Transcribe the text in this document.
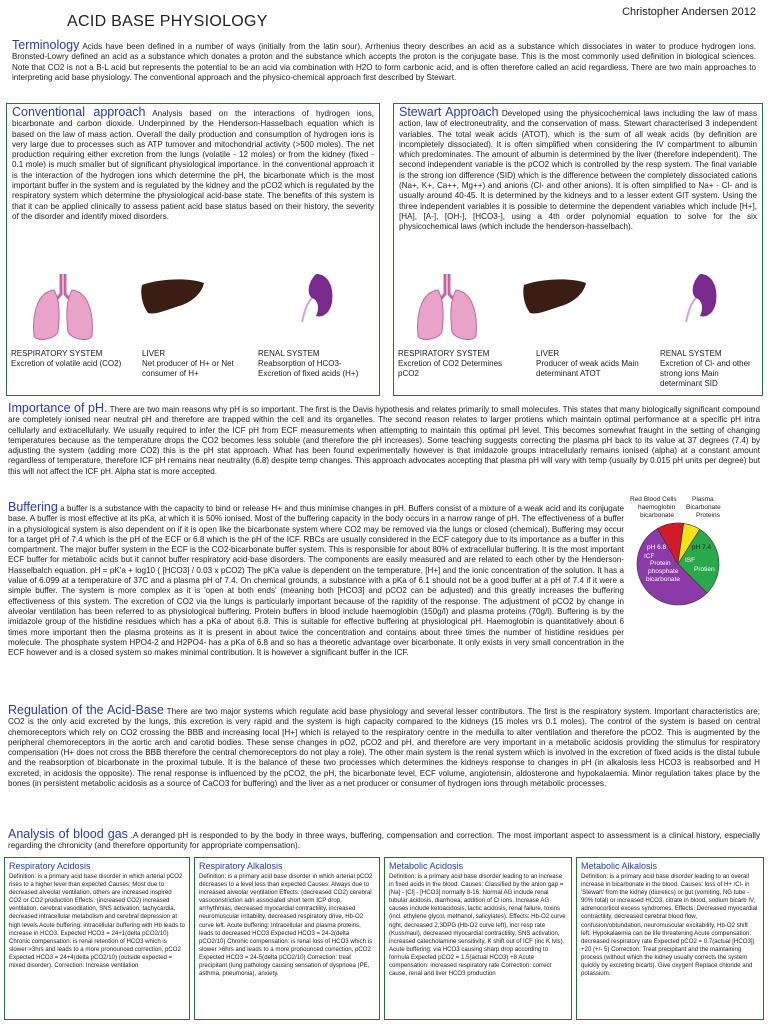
ACID BASE PHYSIOLOGY
Christopher Andersen 2012
Terminology Acids have been defined in a number of ways (initially from the latin sour). Arrhenius theory describes an acid as a substance which dissociates in water to produce hydrogen ions. Bronsted-Lowry defined an acid as a substance which donates a proton and the substance which accepts the proton is the conjugate base. This is the most commonly used definition in biological sciences. Note that CO2 is not a B-L acid but represents the potential to be an acid via combination with H2O to form carbonic acid, and is often therefore called an acid regardless. There are two main approaches to interpreting acid base physiology. The conventional approach and the physico-chemical approach first described by Stewart.
Conventional approach Analysis based on the interactions of hydrogen ions, bicarbonate and carbon dioxide. Underpinned by the Henderson-Hasselbach equation which is based on the law of mass action. Overall the daily production and consumption of hydrogen ions is very large due to processes such as ATP turnover and mitochondrial activity (>500 moles). The net production requiring either excretion from the lungs (volatile - 12 moles) or from the kidney (fixed - 0.1 mole) is much smaller but of significant physiological importance. In the conventional approach it is the interaction of the hydrogen ions which determine the pH, the bicarbonate which is the most important buffer in the system and is regulated by the kidney and the pCO2 which is regulated by the respiratory system which determine the physiological acid-base state. The benefits of this system is that it can be applied clinically to assess patient acid base status based on their history, the severity of the disorder and identify mixed disorders.
RESPIRATORY SYSTEM
Excretion of volatile acid (CO2)
LIVER
Net producer of H+ or Net consumer of H+
RENAL SYSTEM
Reabsorption of HCO3- Excretion of fixed acids (H+)
Stewart Approach Developed using the physicochemical laws including the law of mass action, law of electroneutrality, and the conservation of mass. Stewart characterised 3 independent variables. The total weak acids (ATOT), which is the sum of all weak acids (by definition are incompletely dissociated). It is often simplified when considering the IV compartment to albumin which predominates. The amount of albumin is determined by the liver (therefore independent). The second independent variable is the pCO2 which is controlled by the resp system. The final variable is the strong ion difference (SID) which is the difference between the completely dissociated cations (Na+, K+, Ca++, Mg++) and anions (Cl- and other anions). It is often simplified to Na+ - Cl- and is usually around 40-45. It is determined by the kidneys and to a lesser extent GIT system. Using the three independent variables it is possible to determine the dependent variables which include [H+], [HA], [A-], [OH-], [HCO3-], using a 4th order polynomial equation to solve for the six physicochemical laws (which include the henderson-hasselbach).
RESPIRATORY SYSTEM
Excretion of CO2 Determines pCO2
LIVER
Producer of weak acids Main determinant ATOT
RENAL SYSTEM
Excretion of Cl- and other strong ions Main determinant SID
Importance of pH. There are two main reasons why pH is so important. The first is the Davis hypothesis and relates primarily to small molecules. This states that many biologically significant compound are completely ionised near neutral pH and therefore are trapped within the cell and its organelles. The second reason relates to larger protiens which maintain optimal performance at a specific pH intra cellularly and extracellularly. We usually required to infer the ICF pH from ECF measurements when attempting to maintain this optimal pH level. This becomes somewhat fraught in the setting of changing temperatures because as the temperature drops the CO2 becomes less soluble (and therefore the pH increases). Some teaching suggests correcting the plasma pH back to its value at 37 degrees (7.4) by adjusting the system (adding more CO2) this is the pH stat approach. What has been found experimentally however is that imidazole groups intracellularly remains ionised (alpha) at a constant amount regardless of temperature, therefore ICF pH remains near neutrality (6.8) despite temp changes. This approach advocates accepting that plasma pH will vary with temp (usually by 0.015 pH units per degree) but this will not affect the ICF pH. Alpha stat is more accepted.
Buffering a buffer is a substance with the capacity to bind or release H+ and thus minimise changes in pH. Buffers consist of a mixture of a weak acid and its conjugate base. A buffer is most effective at its pKa, at which it is 50% ionised. Most of the buffering capacity in the body occurs in a narrow range of pH. The effectiveness of a buffer in a physiological system is also dependent on if it is open like the bicarbonate system where CO2 may be removed via the lungs or closed (chemical). Buffering may occur for a target pH of 7.4 which is the pH of the ECF or 6.8 which is the pH of the ICF. RBCs are usually considered in the ECF category due to its importance as a buffer in this compartment. The major buffer system in the ECF is the CO2-bicarbonate buffer system. This is responsible for about 80% of extracellular buffering. It is the most important ECF buffer for metabolic acids but it cannot buffer respiratory acid-base disorders. The components are easily measured and are related to each other by the Henderson-Hasselbalch equation. pH = pK'a + log10 ( [HCO3] / 0.03 x pCO2) The pK'a value is dependent on the temperature, [H+] and the ionic concentration of the solution. It has a value of 6.099 at a temperature of 37C and a plasma pH of 7.4. On chemical grounds, a substance with a pKa of 6.1 should not be a good buffer at a pH of 7.4 if it were a simple buffer. The system is more complex as it is 'open at both ends' (meaning both [HCO3] and pCO2 can be adjusted) and this greatly increases the buffering effectiveness of this system. The excretion of CO2 via the lungs is particularly important because of the rapidity of the response. The adjustment of pCO2 by change in alveolar ventilation has been referred to as physiological buffering. Protein buffers in blood include haemoglobin (150g/l) and plasma proteins (70g/l). Buffering is by the imidazole group of the histidine residues which has a pKa of about 6.8. This is suitable for effective buffering at physiological pH. Haemoglobin is quantitatively about 6 times more important then the plasma proteins as it is present in about twice the concentration and contains about three times the number of histidine residues per molecule. The phosphate system HPO4-2 and H2PO4- has a pKa of 6.8 and so has a theoretic advantage over bicarbonate. It only exists in very small concentration in the ECF however and is a closed system so makes minimal contribution. It is however a significant buffer in the ICF.
Red Blood Cells
haemoglobin
bicarbonate
Plasma
Bicarbonate
Proteins
pH 6.8
ICF
Protein
phosphate
bicarbonate
pH 7.4
ISF
Protien
Regulation of the Acid-Base There are two major systems which regulate acid base physiology and several lesser contributors. The first is the respiratory system. Important characteristics are; CO2 is the only acid excreted by the lungs, this excretion is very rapid and the system is high capacity compared to the kidneys (15 moles vrs 0.1 moles). The control of the system is based on central chemoreceptors which rely on CO2 crossing the BBB and increasing local [H+] which is relayed to the respiratory centre in the medulla to alter ventilation and therefore the pCO2. This is augmented by the peripheral chemoreceptors in the aortic arch and carotid bodies. These sense changes in pO2, pCO2 and pH, and therefore are very important in a metabolic acidosis providing the stimulus for respiratory compensation (H+ does not cross the BBB therefore the central chemoreceptors do not play a role). The other main system is the renal system which is involved in the excretion of fixed acids is the distal tubule and the reabsorption of bicarbonate in the proximal tubule. It is the balance of these two processes which determines the kidneys response to changes in pH (in alkalosis less HCO3 is reabsorbed and H excreted, in acidosis the opposite). The renal response is influenced by the pCO2, the pH, the bicarbonate level, ECF volume, angiotensin, aldosterone and hypokalaemia. Minor regulation takes place by the bones (in persistent metabolic acidosis as a source of CaCO3 for buffering) and the liver as a net producer or consumer of hydrogen ions through metabolic processes.
Analysis of blood gas .A deranged pH is responded to by the body in three ways, buffering, compensation and correction. The most important aspect to assessment is a clinical history, especially regarding the chronicity (and therefore opportunity for appropriate compensation).
Respiratory Acidosis
Definition: is a primary acid base disorder in which arterial pCO2 rises to a higher level than expected Causes: Most due to decreased alveolar ventilation, others are increased inspired CO2 or CO2 production Effects: (increased CO2) increased ventilation, cerebral vasodilation, SNS activation, tachycardia, decreased intracellular metabolism and cerebral depression at high levels Acute buffering: intracellular buffering with Hb leads to increase in HCO3. Expected HCO3 = 24+1(delta pCO2/10) Chronic compensation: is renal retention of HCO3 which is slower >3hrs and leads to a more pronounced correction, pCO2 Expected HCO3 = 24+4(delta pCO2/10) (outside expected = mixed disorder). Correction: Increase ventilation
Respiratory Alkalosis
Definition: is a primary acid base disorder in which arterial pCO2 decreases to a level less than expected Causes: Always due to increased alveolar ventilation Effects: (decreased CO2) cerebral vasoconstriction adn associated short term ICP drop, arrhythmias, decreased myocardial contractility, increased neuromuscular irritability, decreased respiratory drive, Hb-O2 curve left. Acute buffering: Intracellular and plasma proteins, leads to decreased HCO3 Expected HCO3 = 24-2(delta pCO2/10) Chronic compensation: is renal loss of HCO3 which is slower >6hrs and leads to a more pronounced correction, pCO2 Expected HCO3 = 24-5(delta pCO2/10) Correction: treat precipitant (lung pathology causing sensation of dyspnoea (PE, asthma, pneumonia), anxiety.
Metabolic Acidosis
Definition: is a primary acid base disorder leading to an increase in fixed acids in the blood. Causes: Classified by the anion gap = [Na] - [Cl] - [HCO3] normally 8-16. Normal AG include renal tubular acidosis, diarrhoea, addition of Cl ions. Increase AG causes include ketoacidosis, lactic acidosis, renal failure, toxins (incl. ethylene glycol, methanol, salicylates). Effects: Hb-O2 curve right, decreased 2,3DPG (Hb-O2 curve left), incr resp rate (Kussmaul), decreased myocardial contractility, SNS activation, increased catecholamine sensitivity, K shift out of ICF (inc K lvls). Acute buffering: via HCO3 causing sharp drop according to formula Expected pCO2 = 1.5(actual HCO3) +8 Acute compensation: increased respiratory rate Correction: correct cause, renal and liver HCO3 production
Metabolic Alkalosis
Definition: is a primary acid base disorder leading to an overall increase in bicarbonate in the blood. Causes: loss of H+ /Cl- in 'Stewart' from the kidney (diuretics) or gut (vomiting, NG tube - 90% total) or increased HCO3, citrate in blood, sodium bicarb IV, adrenocorticol excess syndromes. Effects: Decreased myocardial contractility, decreased cerebral blood flow, confusion/obtundation, neuromuscular excitability, Hb-O2 shift left. Hypokalaemia can be life threatening Acute compensation: decreased respiratory rate Expected pCO2 = 0.7(actual [HCO3]) +20 (+/- 5) Correction: Treat precipitant and the maintaining process (without which the kidney usually corrects the system quickly by excreting bicarb). Give oxygen! Replace chloride and potassium.
